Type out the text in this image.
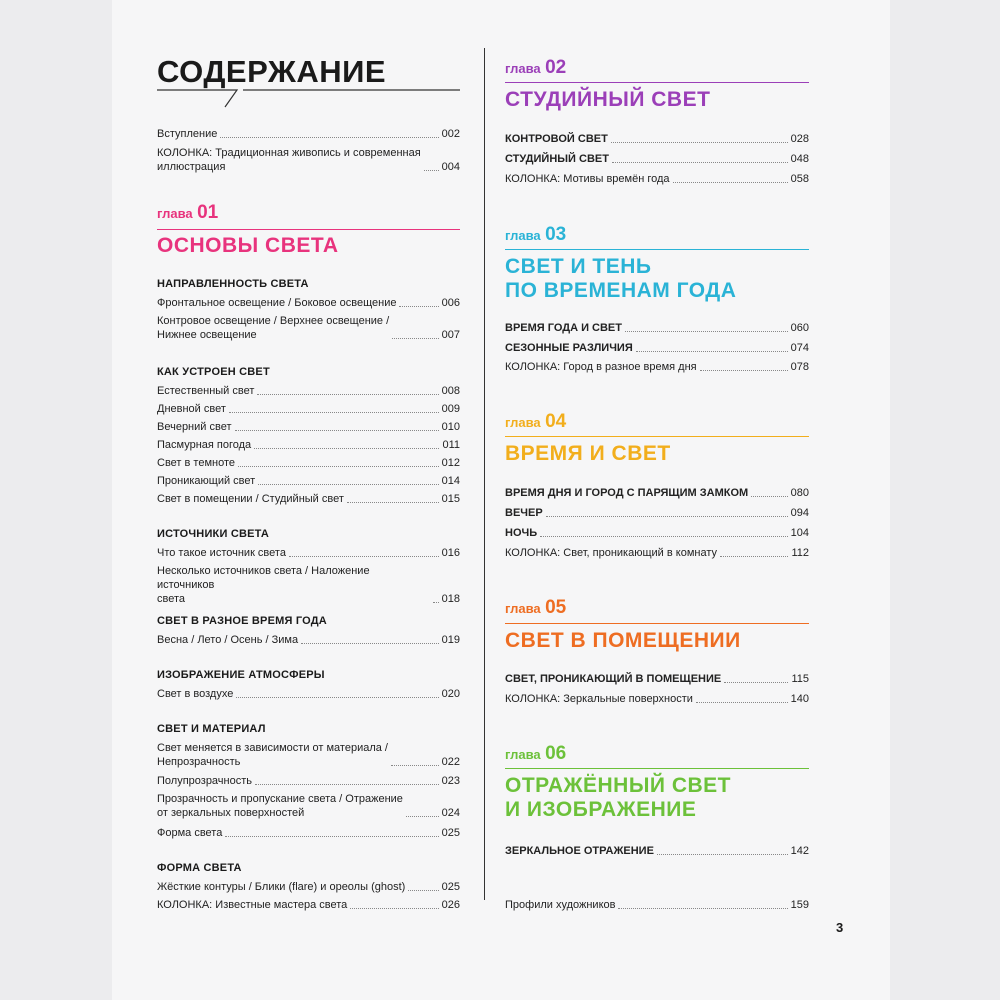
СОДЕРЖАНИЕ
Вступление	002
КОЛОНКА: Традиционная живопись и современная
иллюстрация	004
глава 01
ОСНОВЫ СВЕТА
НАПРАВЛЕННОСТЬ СВЕТА
Фронтальное освещение / Боковое освещение	006
Контровое освещение / Верхнее освещение /
Нижнее освещение	007
КАК УСТРОЕН СВЕТ
Естественный свет	008
Дневной свет	009
Вечерний свет	010
Пасмурная погода	011
Свет в темноте	012
Проникающий свет	014
Свет в помещении / Студийный свет	015
ИСТОЧНИКИ СВЕТА
Что такое источник света	016
Несколько источников света / Наложение источников
света	018
СВЕТ В РАЗНОЕ ВРЕМЯ ГОДА
Весна / Лето / Осень / Зима	019
ИЗОБРАЖЕНИЕ АТМОСФЕРЫ
Свет в воздухе	020
СВЕТ И МАТЕРИАЛ
Свет меняется в зависимости от материала /
Непрозрачность	022
Полупрозрачность	023
Прозрачность и пропускание света / Отражение
от зеркальных поверхностей	024
Форма света	025
ФОРМА СВЕТА
Жёсткие контуры / Блики (flare) и ореолы (ghost)	025
КОЛОНКА: Известные мастера света	026
глава 02
СТУДИЙНЫЙ СВЕТ
КОНТРОВОЙ СВЕТ	028
СТУДИЙНЫЙ СВЕТ	048
КОЛОНКА: Мотивы времён года	058
глава 03
СВЕТ И ТЕНЬ
ПО ВРЕМЕНАМ ГОДА
ВРЕМЯ ГОДА И СВЕТ	060
СЕЗОННЫЕ РАЗЛИЧИЯ	074
КОЛОНКА: Город в разное время дня	078
глава 04
ВРЕМЯ И СВЕТ
ВРЕМЯ ДНЯ И ГОРОД С ПАРЯЩИМ ЗАМКОМ	080
ВЕЧЕР	094
НОЧЬ	104
КОЛОНКА: Свет, проникающий в комнату	112
глава 05
СВЕТ В ПОМЕЩЕНИИ
СВЕТ, ПРОНИКАЮЩИЙ В ПОМЕЩЕНИЕ	115
КОЛОНКА: Зеркальные поверхности	140
глава 06
ОТРАЖЁННЫЙ СВЕТ
И ИЗОБРАЖЕНИЕ
ЗЕРКАЛЬНОЕ ОТРАЖЕНИЕ	142
Профили художников	159
3
